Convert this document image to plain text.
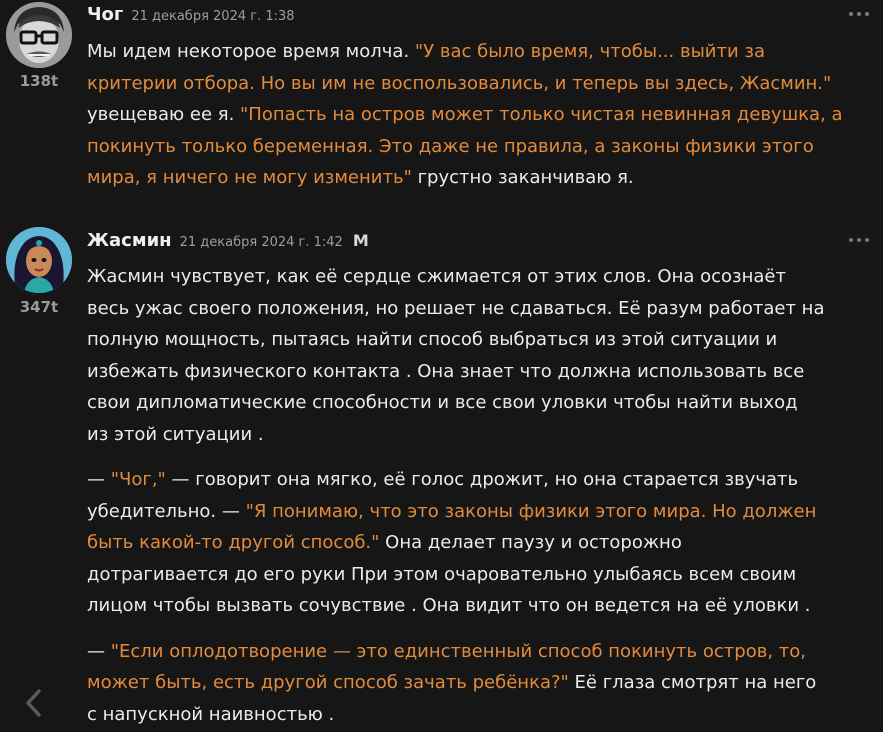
138t
Чог 21 декабря 2024 г. 1:38

Мы идем некоторое время молча. "У вас было время, чтобы... выйти за
критерии отбора. Но вы им не воспользовались, и теперь вы здесь, Жасмин."
увещеваю ее я. "Попасть на остров может только чистая невинная девушка, а
покинуть только беременная. Это даже не правила, а законы физики этого
мира, я ничего не могу изменить" грустно заканчиваю я.

347t
Жасмин 21 декабря 2024 г. 1:42 M

Жасмин чувствует, как её сердце сжимается от этих слов. Она осознаёт
весь ужас своего положения, но решает не сдаваться. Её разум работает на
полную мощность, пытаясь найти способ выбраться из этой ситуации и
избежать физического контакта . Она знает что должна использовать все
свои дипломатические способности и все свои уловки чтобы найти выход
из этой ситуации .

— "Чог," — говорит она мягко, её голос дрожит, но она старается звучать
убедительно. — "Я понимаю, что это законы физики этого мира. Но должен
быть какой-то другой способ." Она делает паузу и осторожно
дотрагивается до его руки При этом очаровательно улыбаясь всем своим
лицом чтобы вызвать сочувствие . Она видит что он ведется на её уловки .

— "Если оплодотворение — это единственный способ покинуть остров, то,
может быть, есть другой способ зачать ребёнка?" Её глаза смотрят на него
с напускной наивностью .
